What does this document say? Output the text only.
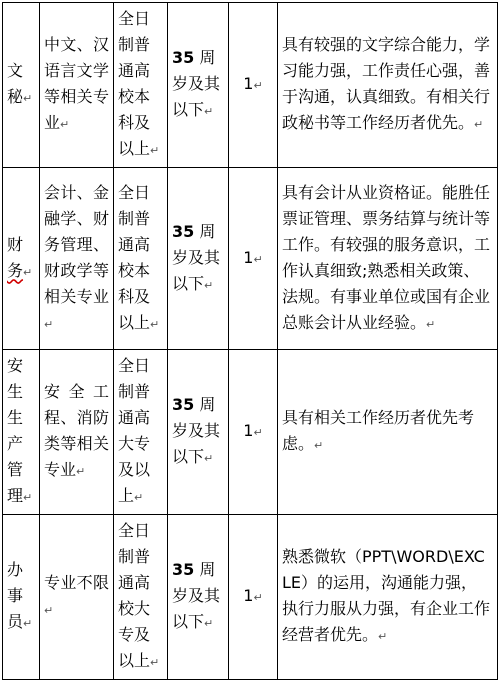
文秘↵	中文、汉语言文学等相关专业↵	全日制普通高校本科及以上↵	35 周岁及其以下↵	1↵	具有较强的文字综合能力，学习能力强，工作责任心强，善于沟通，认真细致。有相关行政秘书等工作经历者优先。↵
财务↵	会计、金融学、财务管理、财政学等相关专业↵	全日制普通高校本科及以上↵	35 周岁及其以下↵	1↵	具有会计从业资格证。能胜任票证管理、票务结算与统计等工作。有较强的服务意识，工作认真细致;熟悉相关政策、法规。有事业单位或国有企业总账会计从业经验。↵
安生生产管理↵	安全工程、消防类等相关专业↵	全日制普通高大专及以上↵	35 周岁及其以下↵	1↵	具有相关工作经历者优先考虑。↵
办事员↵	专业不限↵	全日制普通高校大专及以上↵	35 周岁及其以下↵	1↵	熟悉微软（PPT\WORD\EXCLE）的运用，沟通能力强，执行力服从力强，有企业工作经营者优先。↵
